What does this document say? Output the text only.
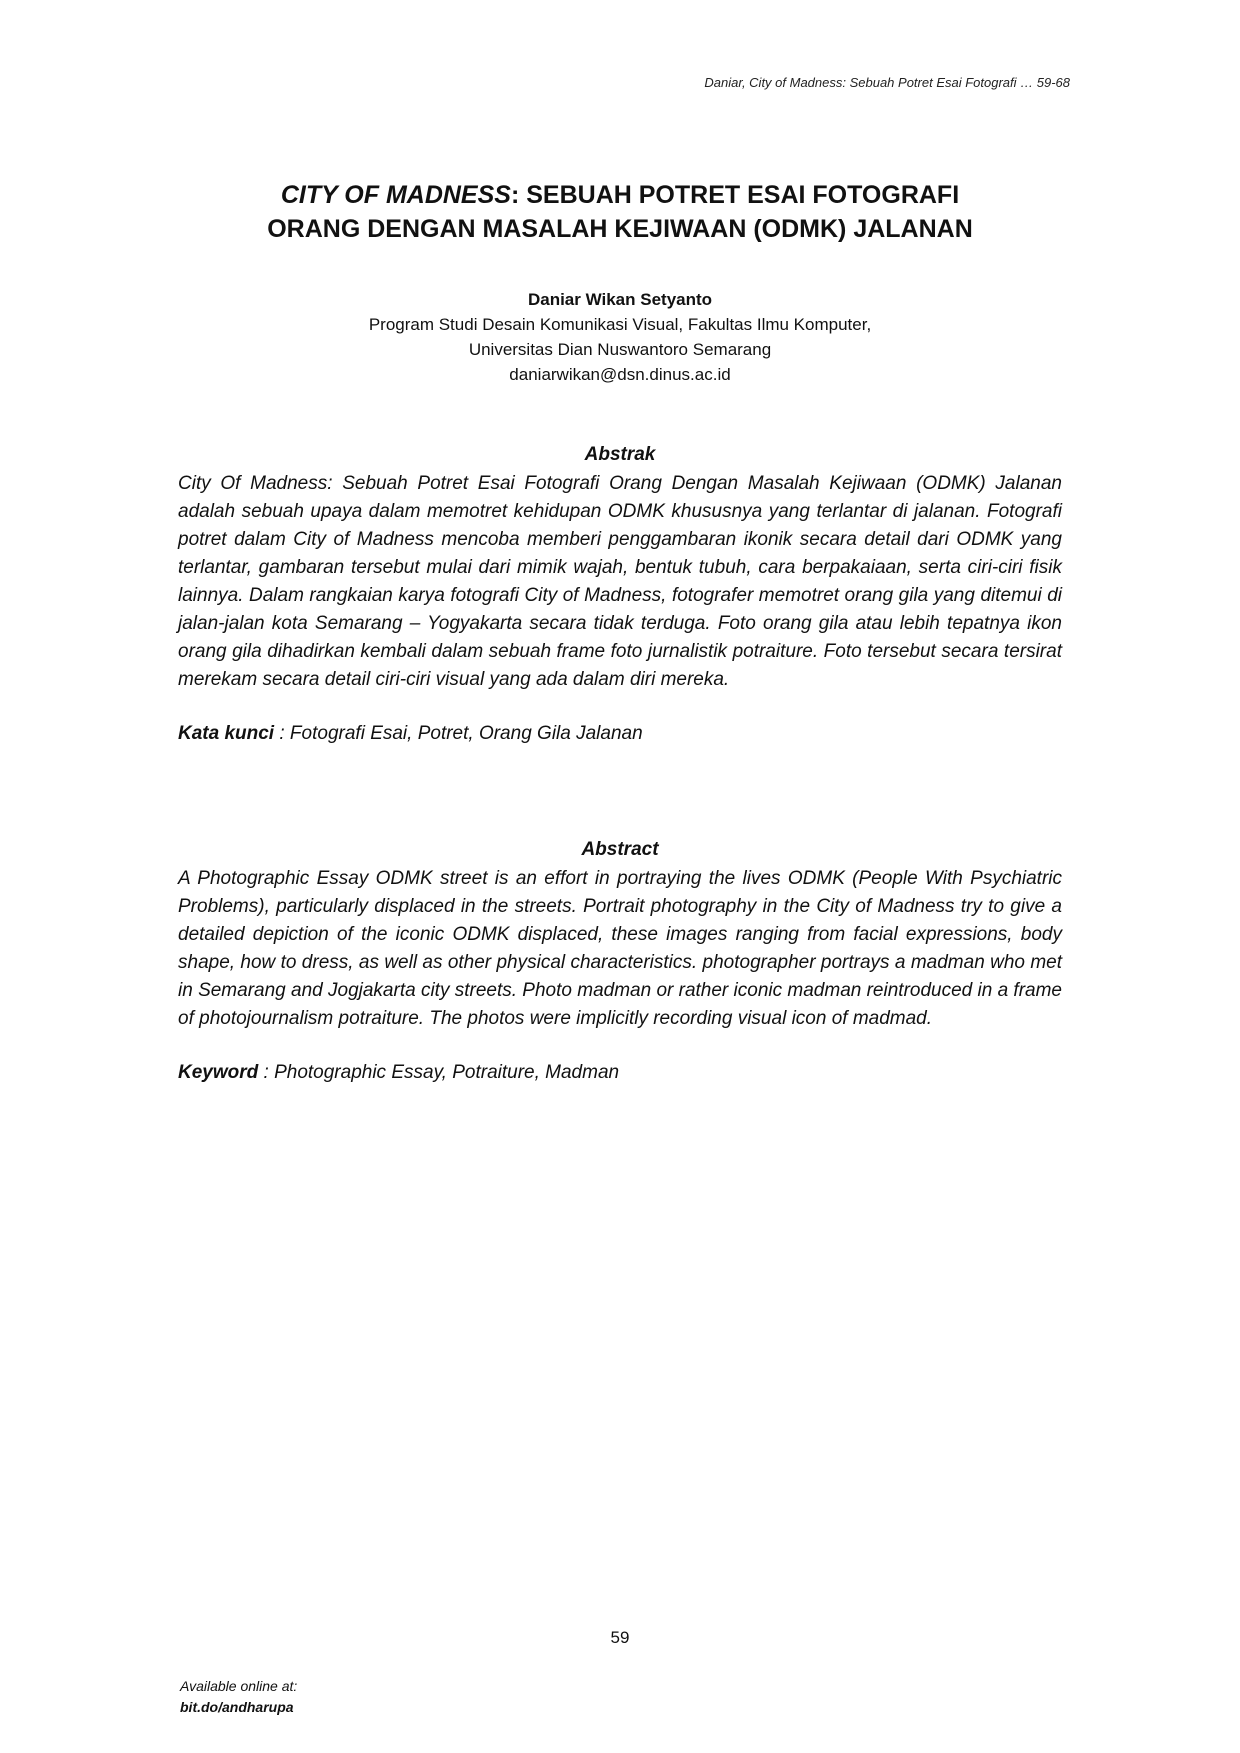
Daniar, City of Madness: Sebuah Potret Esai Fotografi … 59-68

CITY OF MADNESS: SEBUAH POTRET ESAI FOTOGRAFI

ORANG DENGAN MASALAH KEJIWAAN (ODMK) JALANAN

Daniar Wikan Setyanto
Program Studi Desain Komunikasi Visual, Fakultas Ilmu Komputer,
Universitas Dian Nuswantoro Semarang
daniarwikan@dsn.dinus.ac.id

Abstrak

City Of Madness: Sebuah Potret Esai Fotografi Orang Dengan Masalah Kejiwaan (ODMK) Jalanan adalah sebuah upaya dalam memotret kehidupan ODMK khususnya yang terlantar di jalanan. Fotografi potret dalam City of Madness mencoba memberi penggambaran ikonik secara detail dari ODMK yang terlantar, gambaran tersebut mulai dari mimik wajah, bentuk tubuh, cara berpakaiaan, serta ciri-ciri fisik lainnya. Dalam rangkaian karya fotografi City of Madness, fotografer memotret orang gila yang ditemui di jalan-jalan kota Semarang – Yogyakarta secara tidak terduga. Foto orang gila atau lebih tepatnya ikon orang gila dihadirkan kembali dalam sebuah frame foto jurnalistik potraiture. Foto tersebut secara tersirat merekam secara detail ciri-ciri visual yang ada dalam diri mereka.

Kata kunci : Fotografi Esai, Potret, Orang Gila Jalanan

Abstract

A Photographic Essay ODMK street is an effort in portraying the lives ODMK (People With Psychiatric Problems), particularly displaced in the streets. Portrait photography in the City of Madness try to give a detailed depiction of the iconic ODMK displaced, these images ranging from facial expressions, body shape, how to dress, as well as other physical characteristics. photographer portrays a madman who met in Semarang and Jogjakarta city streets. Photo madman or rather iconic madman reintroduced in a frame of photojournalism potraiture. The photos were implicitly recording visual icon of madmad.

Keyword : Photographic Essay, Potraiture, Madman
59
Available online at:
bit.do/andharupa
